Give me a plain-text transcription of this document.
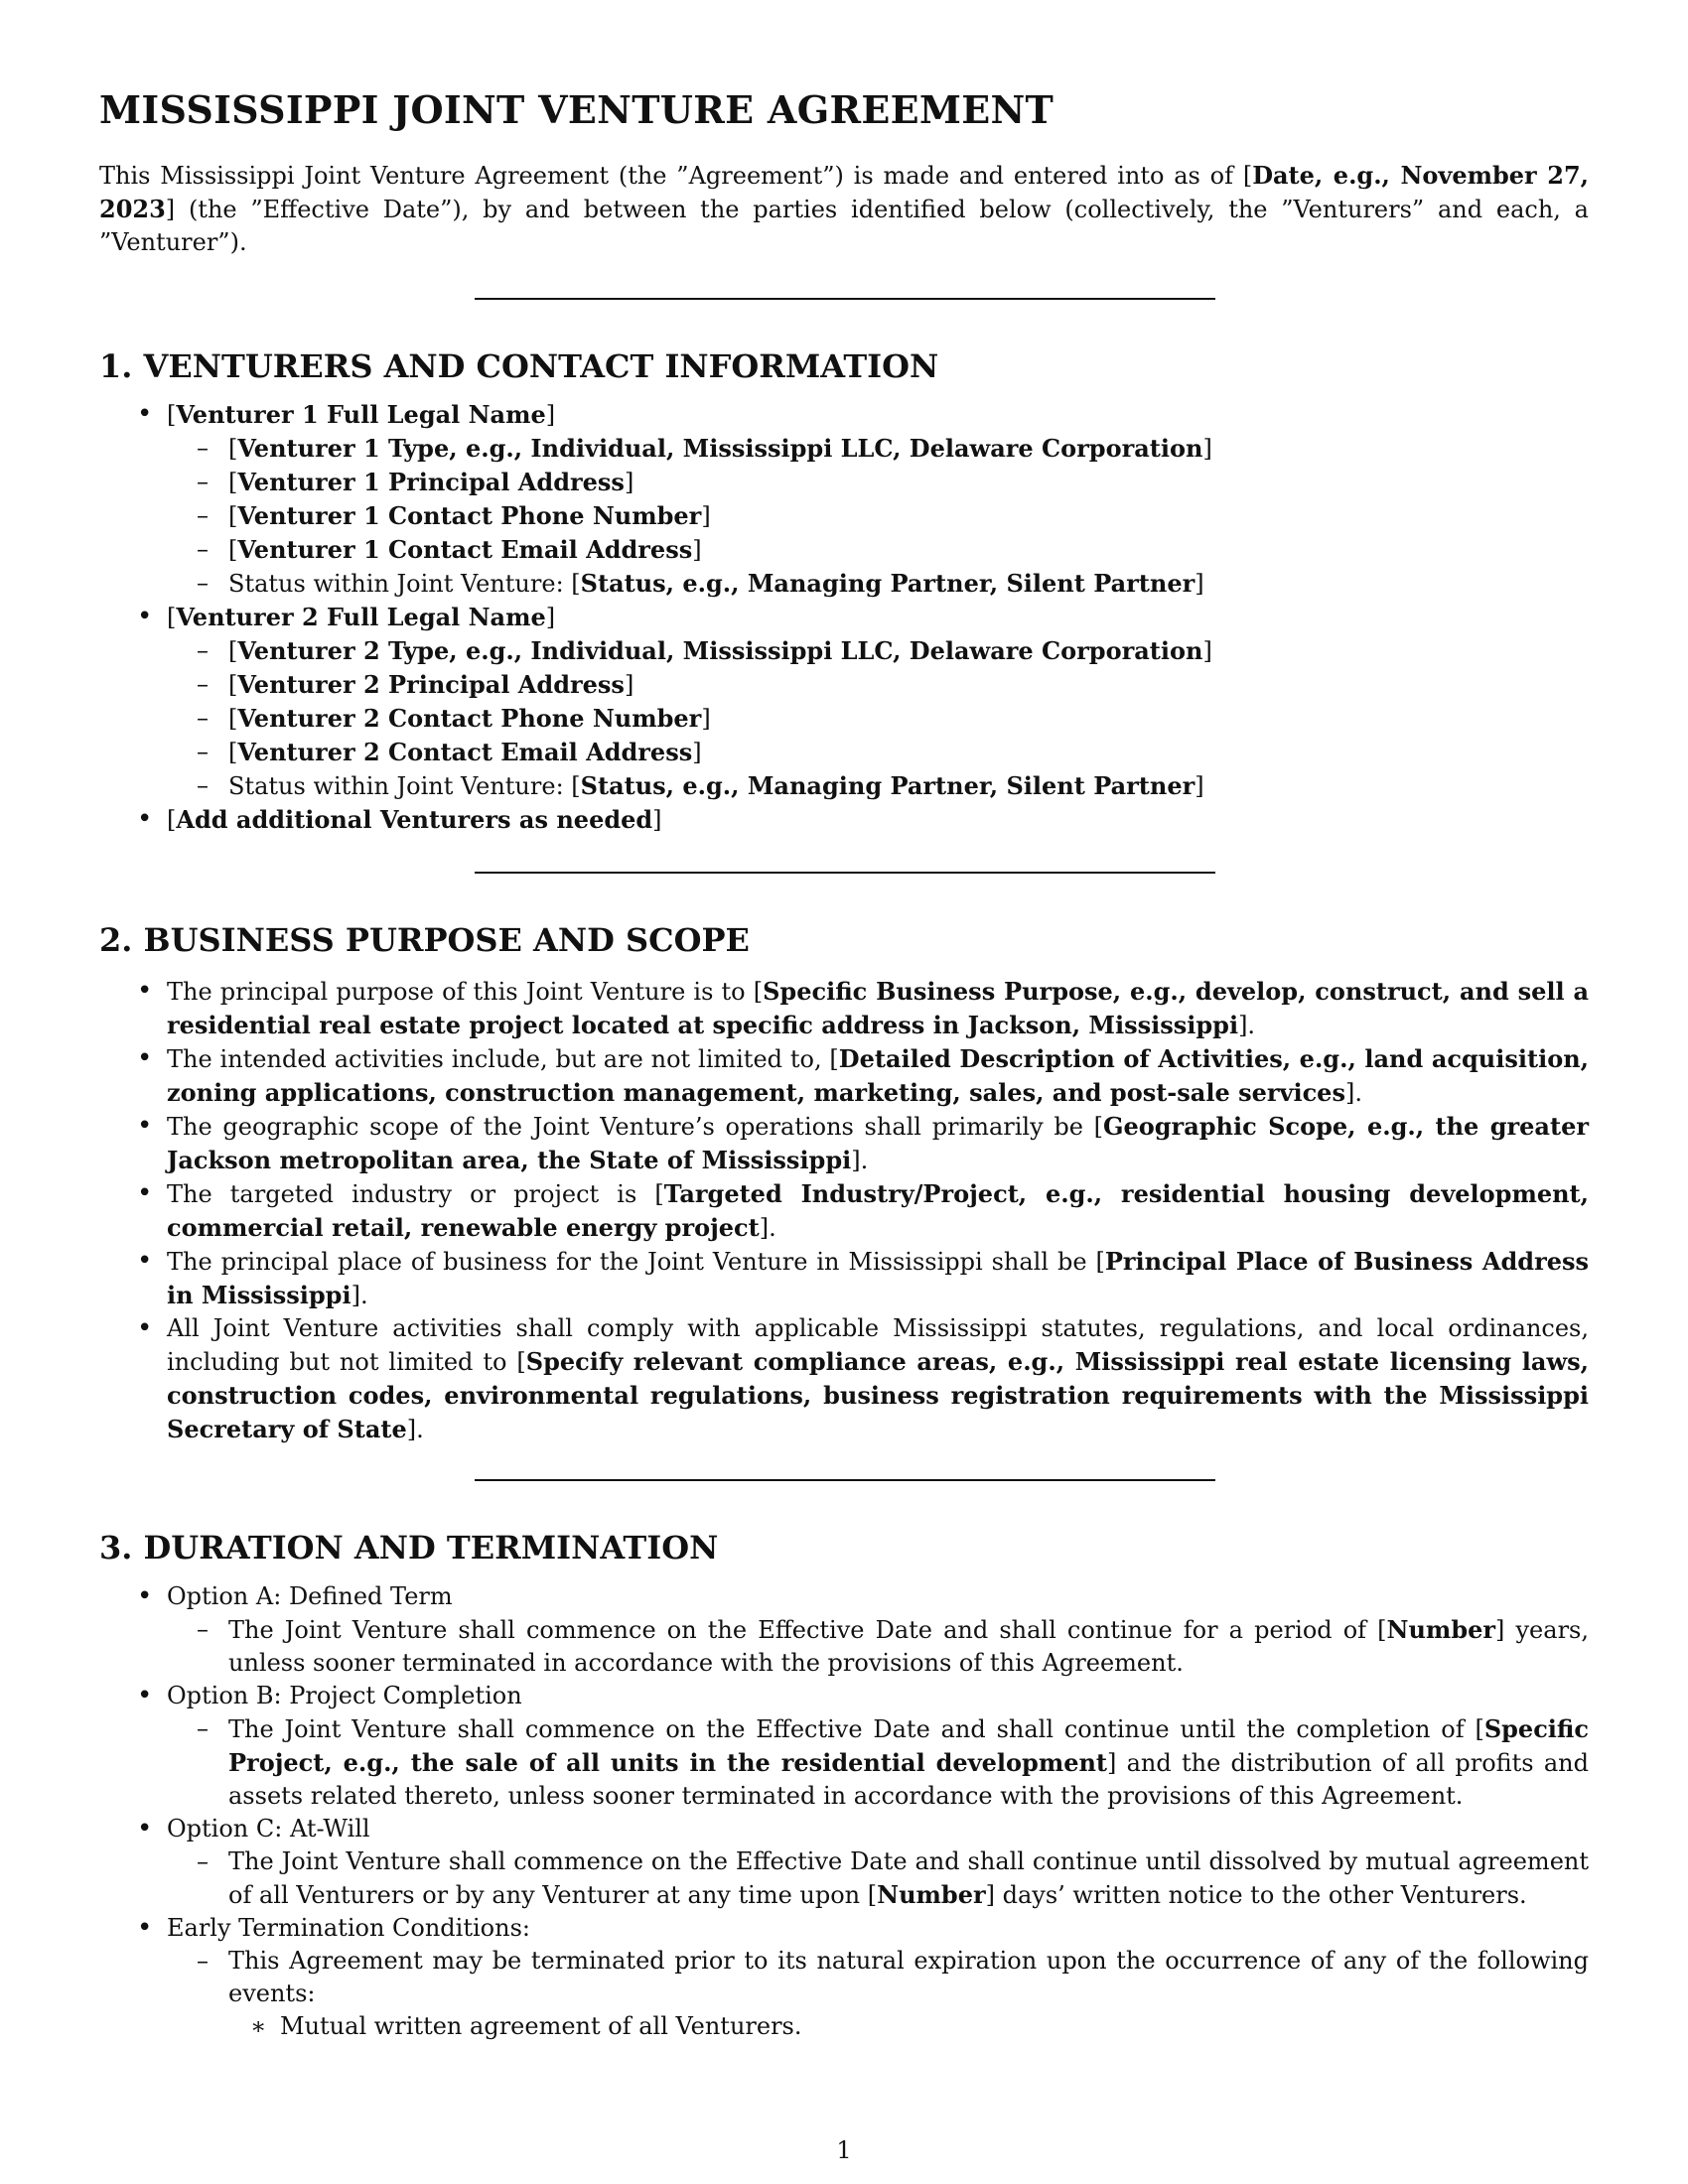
MISSISSIPPI JOINT VENTURE AGREEMENT

This Mississippi Joint Venture Agreement (the ”Agreement”) is made and entered into as of [Date, e.g., November 27, 2023] (the ”Effective Date”), by and between the parties identified below (collectively, the ”Venturers” and each, a ”Venturer”).

1. VENTURERS AND CONTACT INFORMATION
• [Venturer 1 Full Legal Name]
– [Venturer 1 Type, e.g., Individual, Mississippi LLC, Delaware Corporation]
– [Venturer 1 Principal Address]
– [Venturer 1 Contact Phone Number]
– [Venturer 1 Contact Email Address]
– Status within Joint Venture: [Status, e.g., Managing Partner, Silent Partner]
• [Venturer 2 Full Legal Name]
– [Venturer 2 Type, e.g., Individual, Mississippi LLC, Delaware Corporation]
– [Venturer 2 Principal Address]
– [Venturer 2 Contact Phone Number]
– [Venturer 2 Contact Email Address]
– Status within Joint Venture: [Status, e.g., Managing Partner, Silent Partner]
• [Add additional Venturers as needed]
2. BUSINESS PURPOSE AND SCOPE
• The principal purpose of this Joint Venture is to [Specific Business Purpose, e.g., develop, construct, and sell a residential real estate project located at specific address in Jackson, Mississippi].
• The intended activities include, but are not limited to, [Detailed Description of Activities, e.g., land acquisition, zoning applications, construction management, marketing, sales, and post-sale services].
• The geographic scope of the Joint Venture’s operations shall primarily be [Geographic Scope, e.g., the greater Jackson metropolitan area, the State of Mississippi].
• The targeted industry or project is [Targeted Industry/Project, e.g., residential housing development, commercial retail, renewable energy project].
• The principal place of business for the Joint Venture in Mississippi shall be [Principal Place of Business Address in Mississippi].
• All Joint Venture activities shall comply with applicable Mississippi statutes, regulations, and local ordinances, including but not limited to [Specify relevant compliance areas, e.g., Mississippi real estate licensing laws, construction codes, environmental regulations, business registration requirements with the Mississippi Secretary of State].
3. DURATION AND TERMINATION
• Option A: Defined Term
– The Joint Venture shall commence on the Effective Date and shall continue for a period of [Number] years, unless sooner terminated in accordance with the provisions of this Agreement.
• Option B: Project Completion
– The Joint Venture shall commence on the Effective Date and shall continue until the completion of [Specific Project, e.g., the sale of all units in the residential development] and the distribution of all profits and assets related thereto, unless sooner terminated in accordance with the provisions of this Agreement.
• Option C: At-Will
– The Joint Venture shall commence on the Effective Date and shall continue until dissolved by mutual agreement of all Venturers or by any Venturer at any time upon [Number] days’ written notice to the other Venturers.
• Early Termination Conditions:
– This Agreement may be terminated prior to its natural expiration upon the occurrence of any of the following events:
∗ Mutual written agreement of all Venturers.
1
